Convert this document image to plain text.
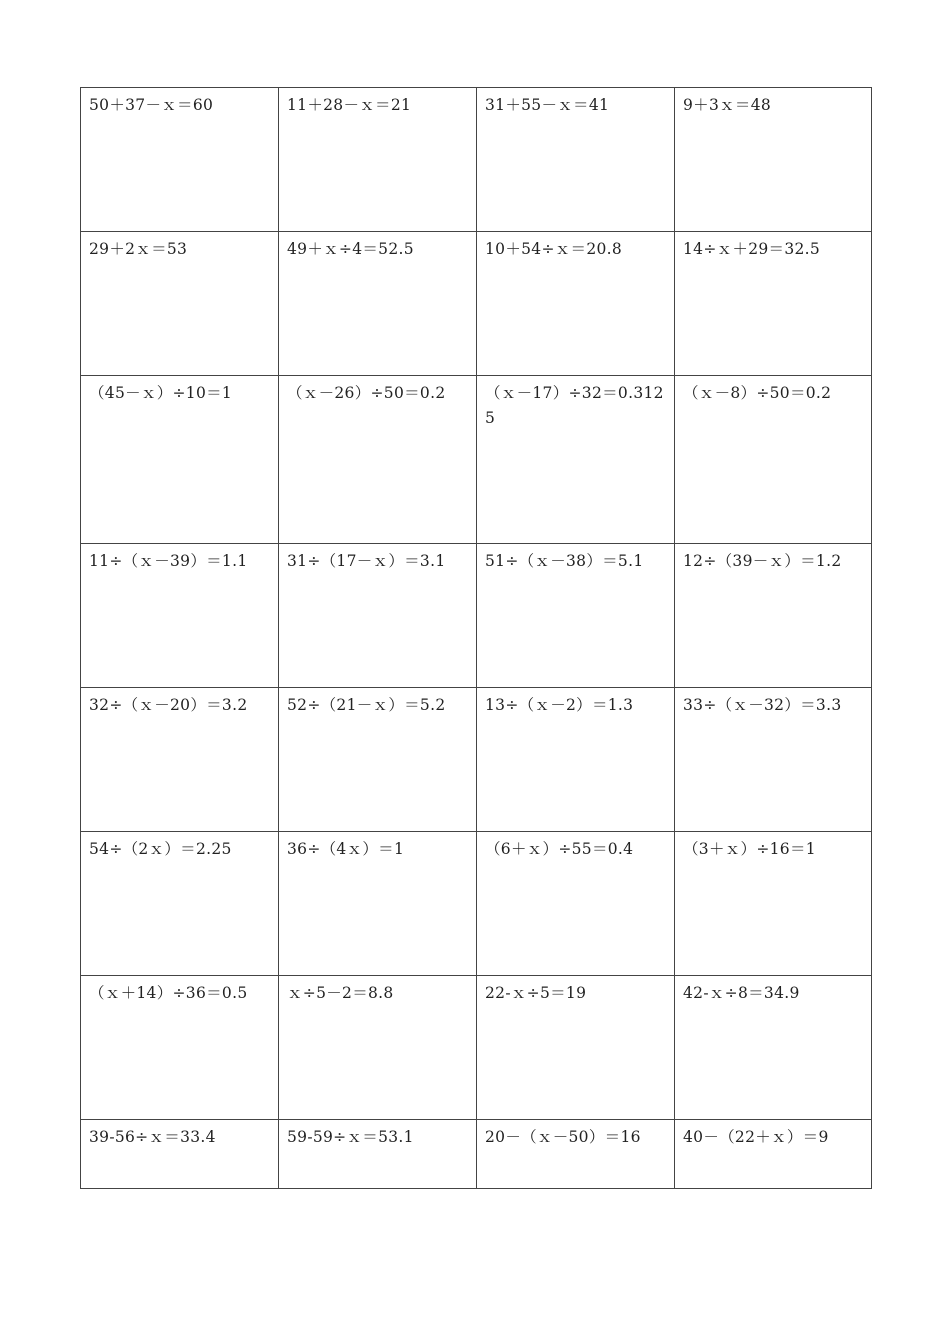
50＋37－ｘ＝60	11＋28－ｘ＝21	31＋55－ｘ＝41	9＋3ｘ＝48
29＋2ｘ＝53	49＋ｘ÷4＝52.5	10＋54÷ｘ＝20.8	14÷ｘ＋29＝32.5
（45－ｘ）÷10＝1	（ｘ－26）÷50＝0.2	（ｘ－17）÷32＝0.3125	（ｘ－8）÷50＝0.2
11÷（ｘ－39）＝1.1	31÷（17－ｘ）＝3.1	51÷（ｘ－38）＝5.1	12÷（39－ｘ）＝1.2
32÷（ｘ－20）＝3.2	52÷（21－ｘ）＝5.2	13÷（ｘ－2）＝1.3	33÷（ｘ－32）＝3.3
54÷（2ｘ）＝2.25	36÷（4ｘ）＝1	（6＋ｘ）÷55＝0.4	（3＋ｘ）÷16＝1
（ｘ＋14）÷36＝0.5	ｘ÷5－2＝8.8	22-ｘ÷5＝19	42-ｘ÷8＝34.9
39-56÷ｘ＝33.4	59-59÷ｘ＝53.1	20－（ｘ－50）＝16	40－（22＋ｘ）＝9
